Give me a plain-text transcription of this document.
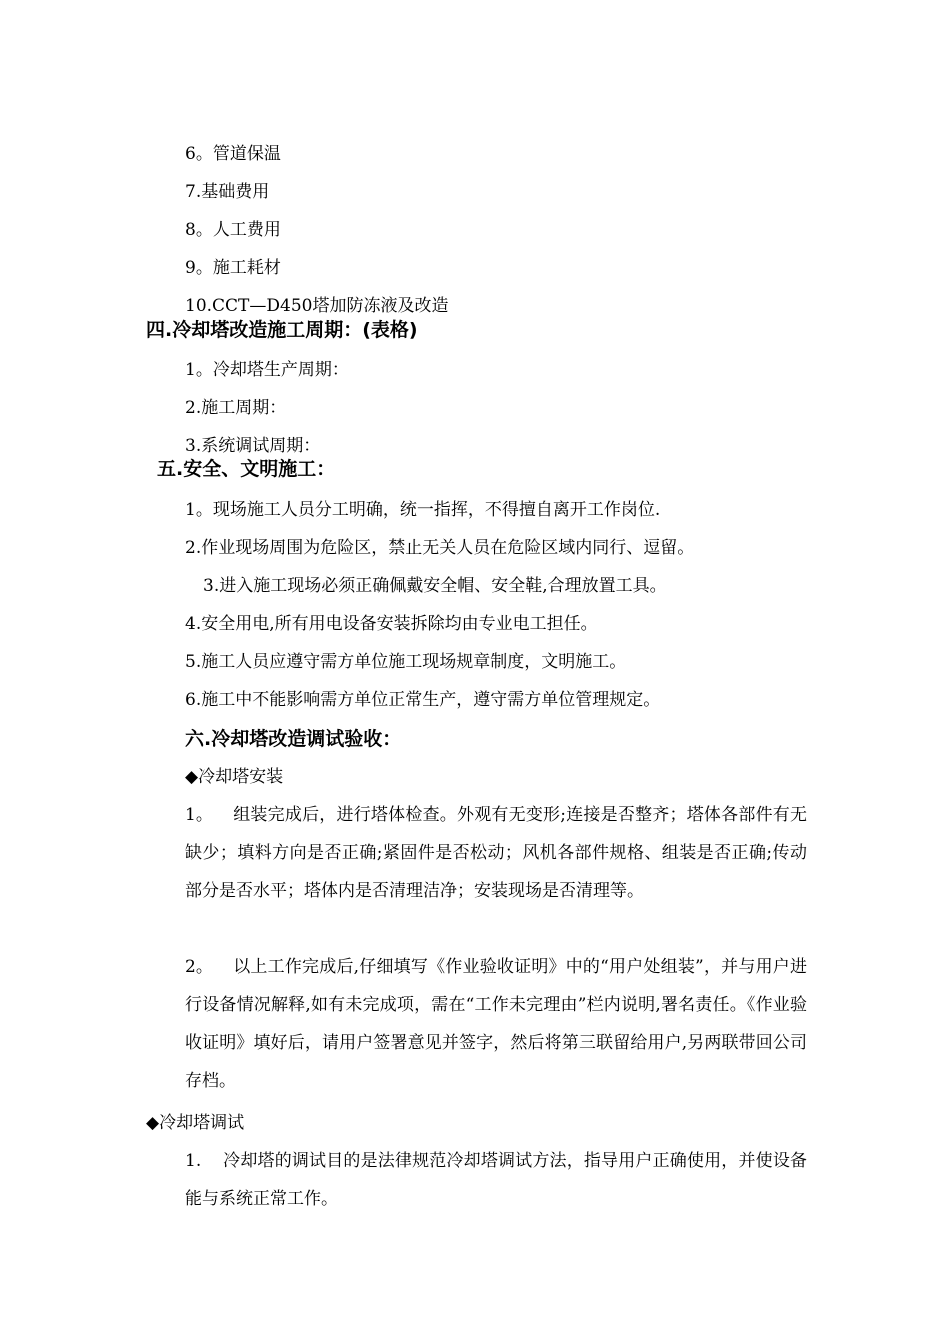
6。管道保温
7.基础费用
8。人工费用
9。施工耗材
10.CCT—D450塔加防冻液及改造
四.冷却塔改造施工周期：(表格)
1。冷却塔生产周期：
2.施工周期：
3.系统调试周期：
五.安全、文明施工：
1。现场施工人员分工明确，统一指挥，不得擅自离开工作岗位.
2.作业现场周围为危险区，禁止无关人员在危险区域内同行、逗留。
3.进入施工现场必须正确佩戴安全帽、安全鞋,合理放置工具。
4.安全用电,所有用电设备安装拆除均由专业电工担任。
5.施工人员应遵守需方单位施工现场规章制度，文明施工。
6.施工中不能影响需方单位正常生产，遵守需方单位管理规定。
六.冷却塔改造调试验收：
◆冷却塔安装
1。 组装完成后，进行塔体检查。外观有无变形;连接是否整齐；塔体各部件有无缺少；填料方向是否正确;紧固件是否松动；风机各部件规格、组装是否正确;传动部分是否水平；塔体内是否清理洁净；安装现场是否清理等。
2。 以上工作完成后,仔细填写《作业验收证明》中的“用户处组装”，并与用户进行设备情况解释,如有未完成项，需在“工作未完理由”栏内说明,署名责任。《作业验收证明》填好后，请用户签署意见并签字，然后将第三联留给用户,另两联带回公司存档。
◆冷却塔调试
1. 冷却塔的调试目的是法律规范冷却塔调试方法，指导用户正确使用，并使设备能与系统正常工作。
